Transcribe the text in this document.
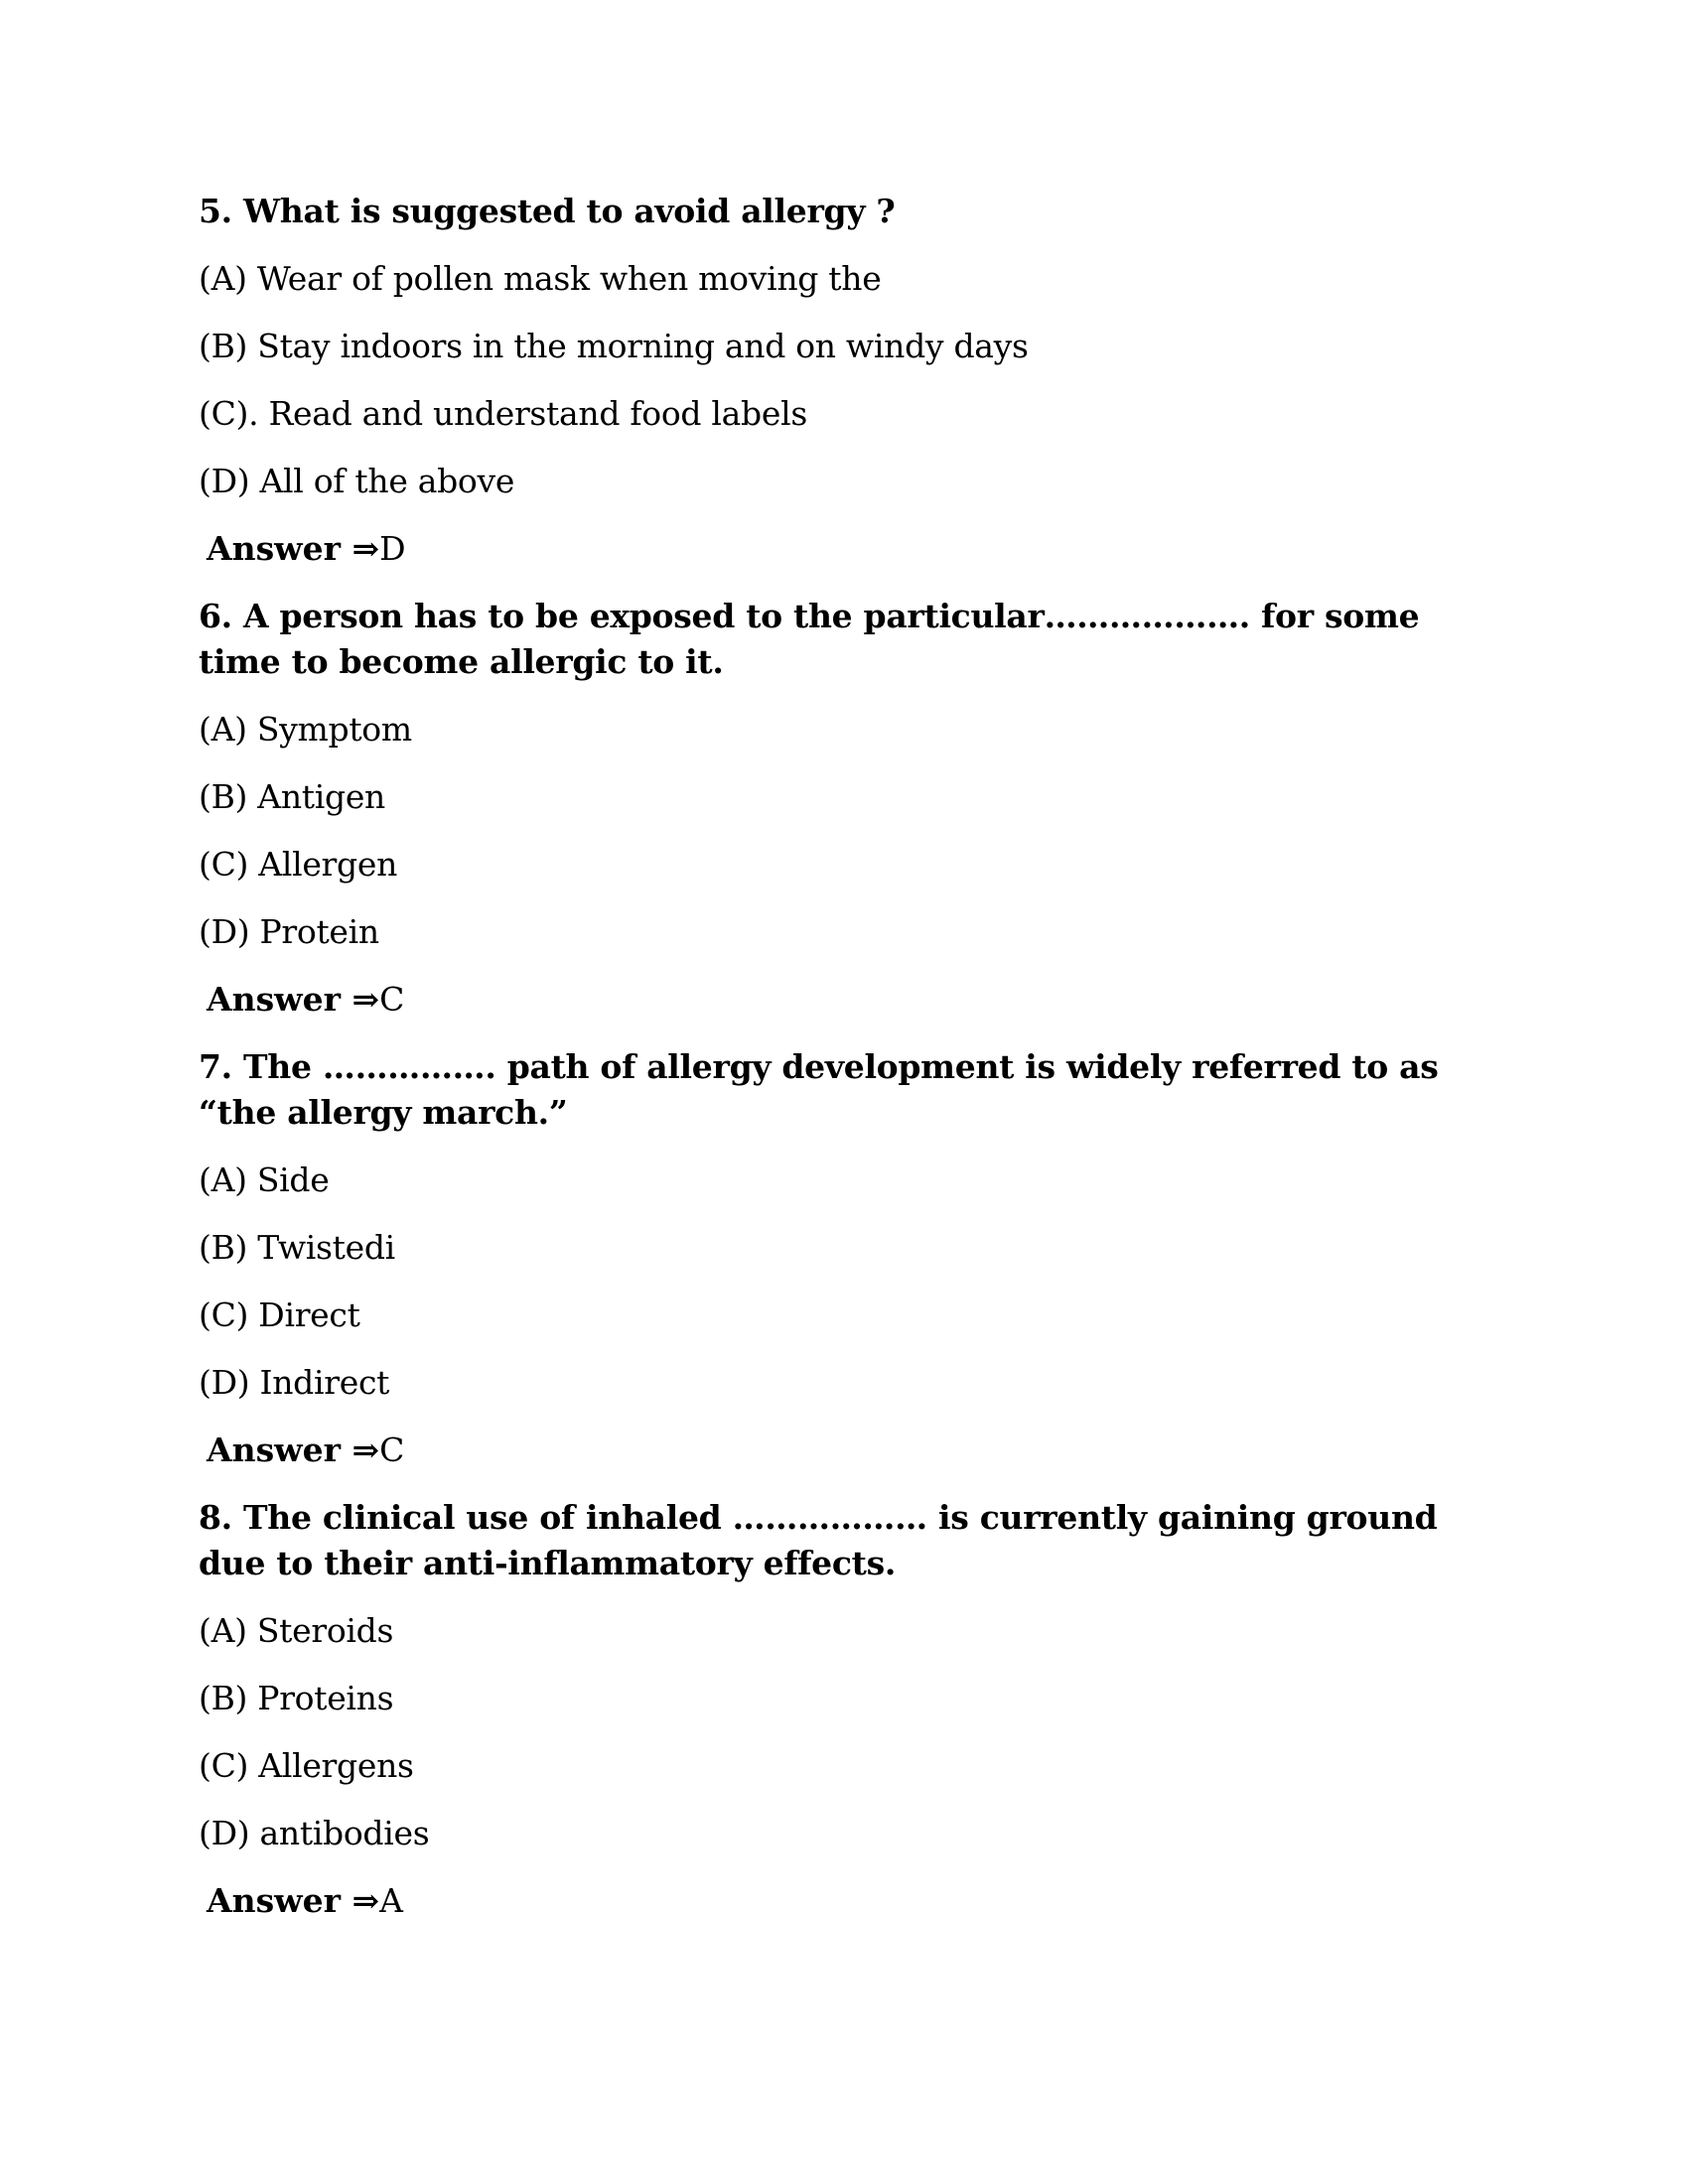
5. What is suggested to avoid allergy ?

(A) Wear of pollen mask when moving the

(B) Stay indoors in the morning and on windy days

(C). Read and understand food labels

(D) All of the above

Answer ⇒D

6. A person has to be exposed to the particular………………. for some time to become allergic to it.

(A) Symptom

(B) Antigen

(C) Allergen

(D) Protein

Answer ⇒C

7. The ……………. path of allergy development is widely referred to as “the allergy march.”

(A) Side

(B) Twistedi

(C) Direct

(D) Indirect

Answer ⇒C

8. The clinical use of inhaled ……………… is currently gaining ground due to their anti-inflammatory effects.

(A) Steroids

(B) Proteins

(C) Allergens

(D) antibodies

Answer ⇒A
